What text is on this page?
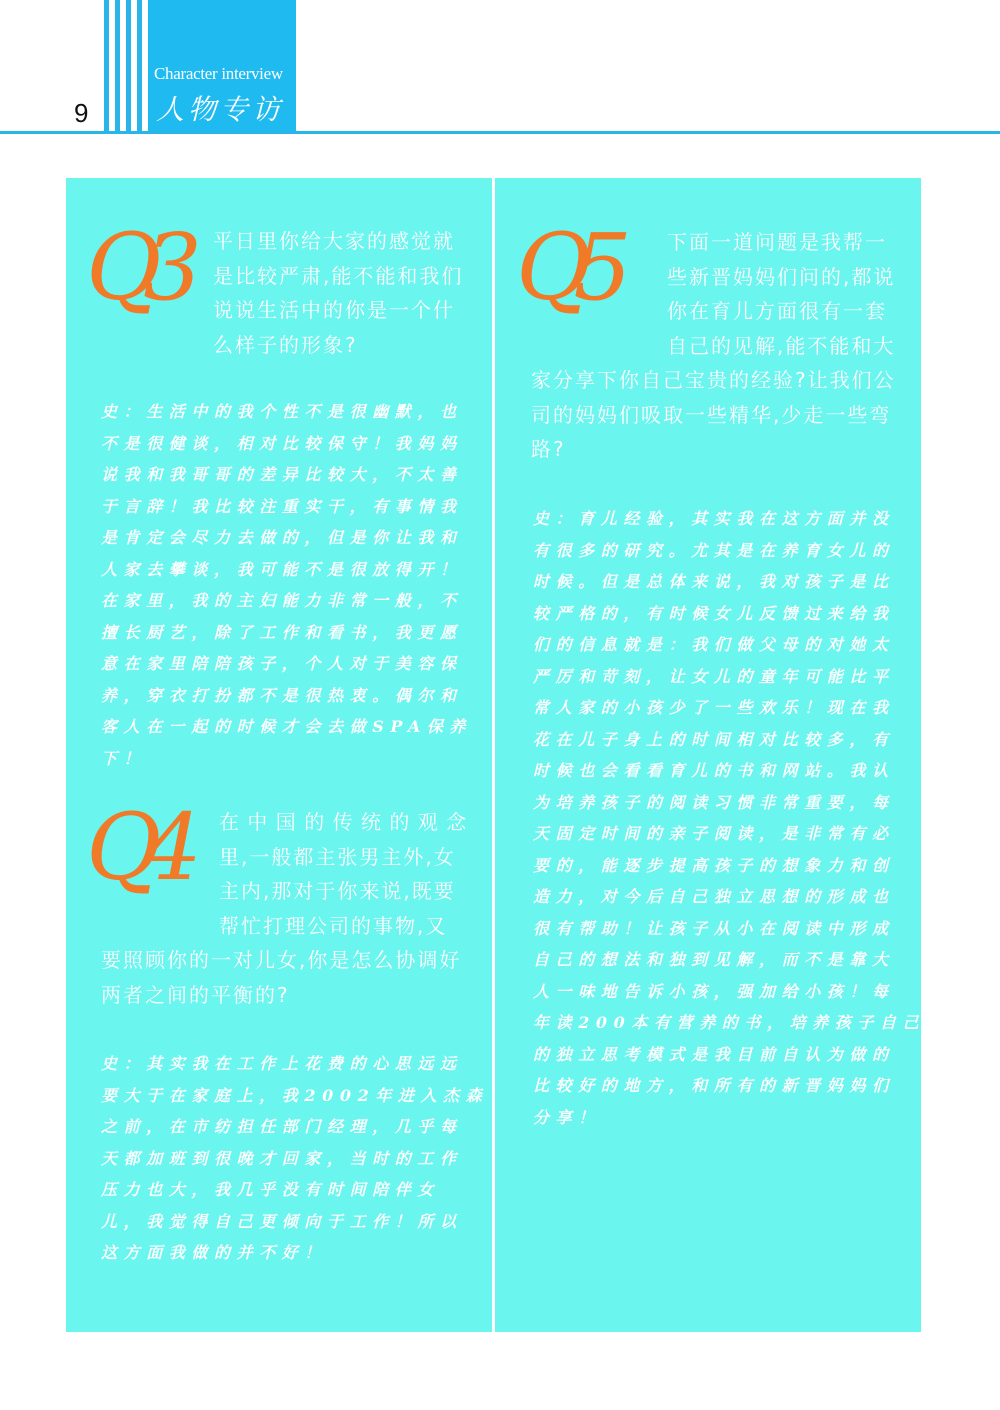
Character interview
人物专访
9
Q3 平日里你给大家的感觉就
是比较严肃,能不能和我们
说说生活中的你是一个什
么样子的形象?
史：生活中的我个性不是很幽默，也
不是很健谈，相对比较保守！我妈妈
说我和我哥哥的差异比较大，不太善
于言辞！我比较注重实干，有事情我
是肯定会尽力去做的，但是你让我和
人家去攀谈，我可能不是很放得开！
在家里，我的主妇能力非常一般，不
擅长厨艺，除了工作和看书，我更愿
意在家里陪陪孩子，个人对于美容保
养，穿衣打扮都不是很热衷。偶尔和
客人在一起的时候才会去做SPA保养
下！
Q4	在中国的传统的观念
里,一般都主张男主外,女
主内,那对于你来说,既要
帮忙打理公司的事物,又
要照顾你的一对儿女,你是怎么协调好
两者之间的平衡的?
史：其实我在工作上花费的心思远远
要大于在家庭上，我2002年进入杰森
之前，在市纺担任部门经理，几乎每
天都加班到很晚才回家，当时的工作
压力也大，我几乎没有时间陪伴女
儿，我觉得自己更倾向于工作！所以
这方面我做的并不好！
Q5	下面一道问题是我帮一
些新晋妈妈们问的,都说
你在育儿方面很有一套
自己的见解,能不能和大
家分享下你自己宝贵的经验?让我们公
司的妈妈们吸取一些精华,少走一些弯
路?
史：育儿经验，其实我在这方面并没
有很多的研究。尤其是在养育女儿的
时候。但是总体来说，我对孩子是比
较严格的，有时候女儿反馈过来给我
们的信息就是：我们做父母的对她太
严厉和苛刻，让女儿的童年可能比平
常人家的小孩少了一些欢乐！现在我
花在儿子身上的时间相对比较多，有
时候也会看看育儿的书和网站。我认
为培养孩子的阅读习惯非常重要，每
天固定时间的亲子阅读，是非常有必
要的，能逐步提高孩子的想象力和创
造力，对今后自己独立思想的形成也
很有帮助！让孩子从小在阅读中形成
自己的想法和独到见解，而不是靠大
人一味地告诉小孩，强加给小孩！每
年读200本有营养的书，培养孩子自己
的独立思考模式是我目前自认为做的
比较好的地方，和所有的新晋妈妈们
分享！
